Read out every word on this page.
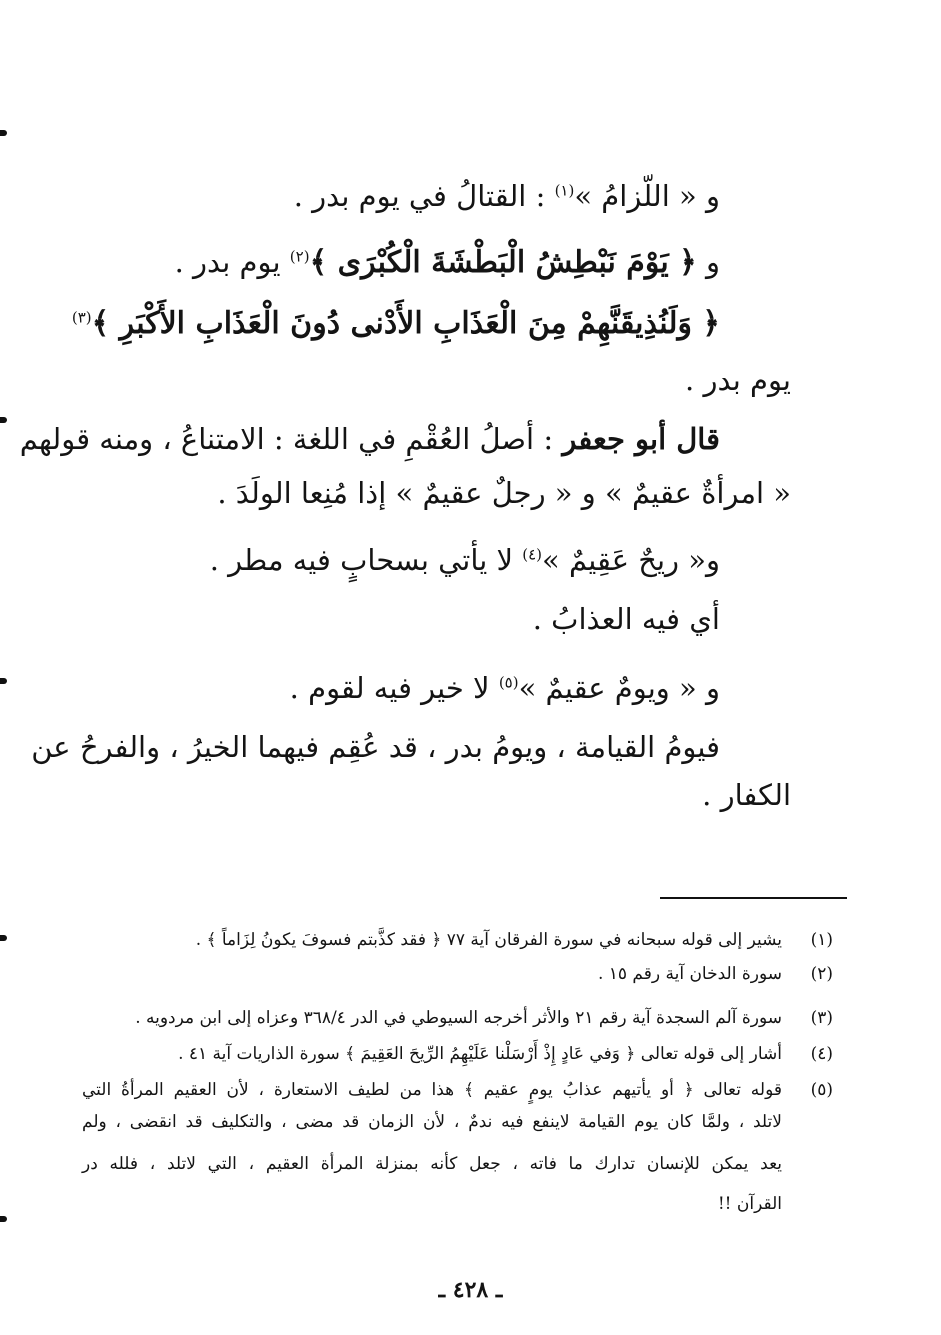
و « اللّزامُ »$^{(١)}$ : القتالُ في يوم بدر .
و ﴿ يَوْمَ نَبْطِشُ الْبَطْشَةَ الْكُبْرَى ﴾$^{(٢)}$ يوم بدر .
﴿ وَلَنُذِيقَنَّهِمْ مِنَ الْعَذَابِ الأَدْنى دُونَ الْعَذَابِ الأَكْبَرِ ﴾$^{(٣)}$
يوم بدر .
قال أبو جعفر : أصلُ العُقْمِ في اللغة : الامتناعُ ، ومنه قولهم
« امرأةٌ عقيمٌ » و « رجلٌ عقيمٌ » إذا مُنِعا الولَدَ .
و« ريحٌ عَقِيمٌ »$^{(٤)}$ لا يأتي بسحابٍ فيه مطر .
أي فيه العذابُ .
و « ويومٌ عقيمٌ »$^{(٥)}$ لا خير فيه لقوم .
فيومُ القيامة ، ويومُ بدر ، قد عُقِم فيهما الخيرُ ، والفرحُ عن
الكفار .
(١)
يشير إلى قوله سبحانه في سورة الفرقان آية ٧٧ ﴿ فقد كذَّبتم فسوفَ يكونُ لِزَاماً ﴾ .
(٢)
سورة الدخان آية رقم ١٥ .
(٣)
سورة آلم السجدة آية رقم ٢١ والأثر أخرجه السيوطي في الدر ٣٦٨/٤ وعزاه إلى ابن مردويه .
(٤)
أشار إلى قوله تعالى ﴿ وَفي عَادٍ إِذْ أَرْسَلْنا عَلَيْهِمُ الرِّيحَ العَقِيمَ ﴾ سورة الذاريات آية ٤١ .
(٥)
قوله تعالى ﴿ أو يأتيهم عذابُ يومٍ عقيم ﴾ هذا من لطيف الاستعارة ، لأن العقيم المرأةُ التي
لاتلد ، ولمَّا كان يوم القيامة لاينفع فيه ندمٌ ، لأن الزمان قد مضى ، والتكليف قد انقضى ، ولم
يعد يمكن للإنسان تدارك ما فاته ، جعل كأنه بمنزلة المرأة العقيم ، التي لاتلد ، فلله در
القرآن !!
ـ ٤٢٨ ـ
